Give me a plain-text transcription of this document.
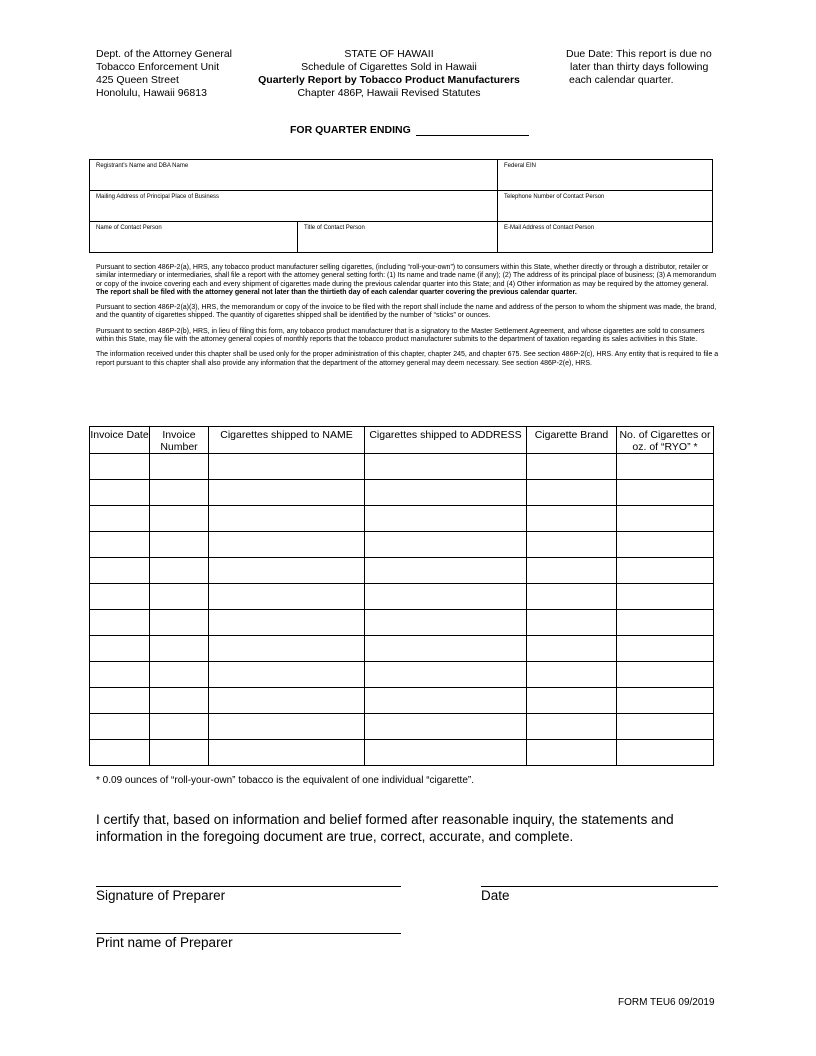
Dept. of the Attorney General
Tobacco Enforcement Unit
425 Queen Street
Honolulu, Hawaii 96813
STATE OF HAWAII
Schedule of Cigarettes Sold in Hawaii
Quarterly Report by Tobacco Product Manufacturers
Chapter 486P, Hawaii Revised Statutes
Due Date: This report is due no
later than thirty days following
each calendar quarter.
FOR QUARTER ENDING
Registrant's Name and DBA Name	Federal EIN
Mailing Address of Principal Place of Business	Telephone Number of Contact Person
Name of Contact Person	Title of Contact Person	E-Mail Address of Contact Person

Pursuant to section 486P-2(a), HRS, any tobacco product manufacturer selling cigarettes, (including “roll-your-own”) to consumers within this State, whether directly or through a distributor, retailer or similar intermediary or intermediaries, shall file a report with the attorney general setting forth: (1) Its name and trade name (if any); (2) The address of its principal place of business; (3) A memorandum or copy of the invoice covering each and every shipment of cigarettes made during the previous calendar quarter into this State; and (4) Other information as may be required by the attorney general. The report shall be filed with the attorney general not later than the thirtieth day of each calendar quarter covering the previous calendar quarter.

Pursuant to section 486P-2(a)(3), HRS, the memorandum or copy of the invoice to be filed with the report shall include the name and address of the person to whom the shipment was made, the brand, and the quantity of cigarettes shipped. The quantity of cigarettes shipped shall be identified by the number of “sticks” or ounces.

Pursuant to section 486P-2(b), HRS, in lieu of filing this form, any tobacco product manufacturer that is a signatory to the Master Settlement Agreement, and whose cigarettes are sold to consumers within this State, may file with the attorney general copies of monthly reports that the tobacco product manufacturer submits to the department of taxation regarding its sales activities in this State.

The information received under this chapter shall be used only for the proper administration of this chapter, chapter 245, and chapter 675. See section 486P-2(c), HRS. Any entity that is required to file a report pursuant to this chapter shall also provide any information that the department of the attorney general may deem necessary. See section 486P-2(e), HRS.

Invoice Date	Invoice Number	Cigarettes shipped to NAME	Cigarettes shipped to ADDRESS	Cigarette Brand	No. of Cigarettes or oz. of “RYO” *

* 0.09 ounces of “roll-your-own” tobacco is the equivalent of one individual “cigarette”.
I certify that, based on information and belief formed after reasonable inquiry, the statements and information in the foregoing document are true, correct, accurate, and complete.
Signature of Preparer	Date
Print name of Preparer
FORM TEU6 09/2019
